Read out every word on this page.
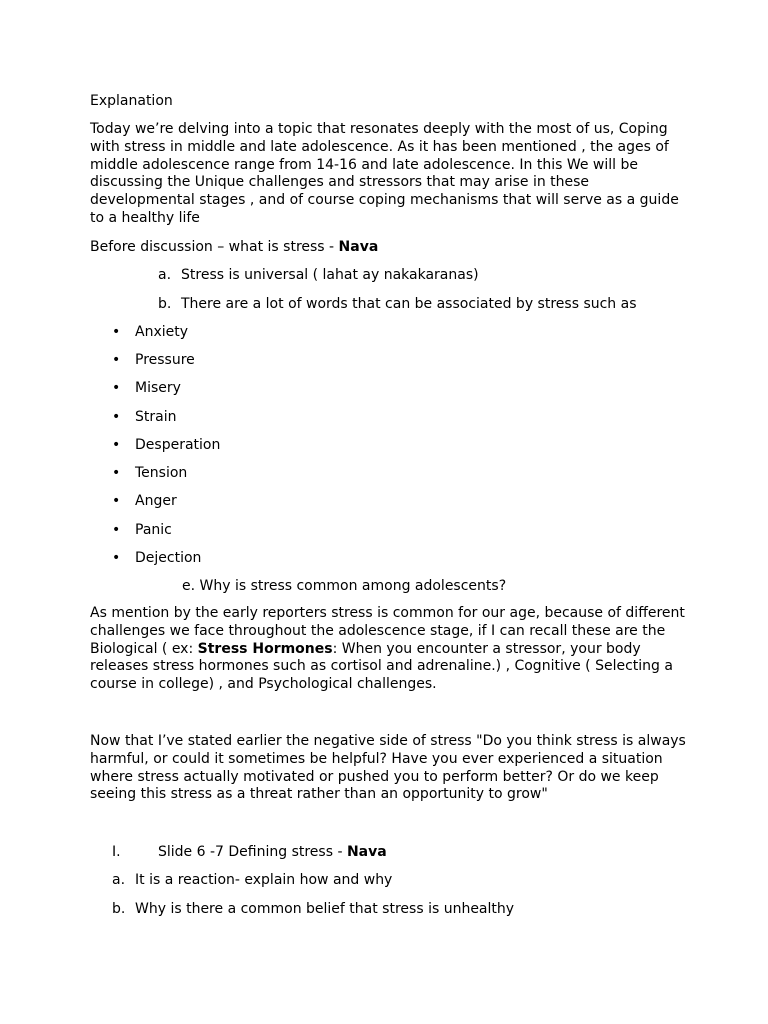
Explanation
Today we’re delving into a topic that resonates deeply with the most of us, Coping with stress in middle and late adolescence. As it has been mentioned , the ages of middle adolescence range from 14-16 and late adolescence. In this We will be discussing the Unique challenges and stressors that may arise in these developmental stages , and of course coping mechanisms that will serve as a guide to a healthy life
Before discussion – what is stress - Nava
a. Stress is universal ( lahat ay nakakaranas)
b. There are a lot of words that can be associated by stress such as
• Anxiety
• Pressure
• Misery
• Strain
• Desperation
• Tension
• Anger
• Panic
• Dejection
e. Why is stress common among adolescents?
As mention by the early reporters stress is common for our age, because of different challenges we face throughout the adolescence stage, if I can recall these are the Biological ( ex: Stress Hormones: When you encounter a stressor, your body releases stress hormones such as cortisol and adrenaline.) , Cognitive ( Selecting a course in college) , and Psychological challenges.
Now that I’ve stated earlier the negative side of stress "Do you think stress is always harmful, or could it sometimes be helpful? Have you ever experienced a situation where stress actually motivated or pushed you to perform better? Or do we keep seeing this stress as a threat rather than an opportunity to grow"
I.	Slide 6 -7 Defining stress - Nava
a. It is a reaction- explain how and why
b. Why is there a common belief that stress is unhealthy
